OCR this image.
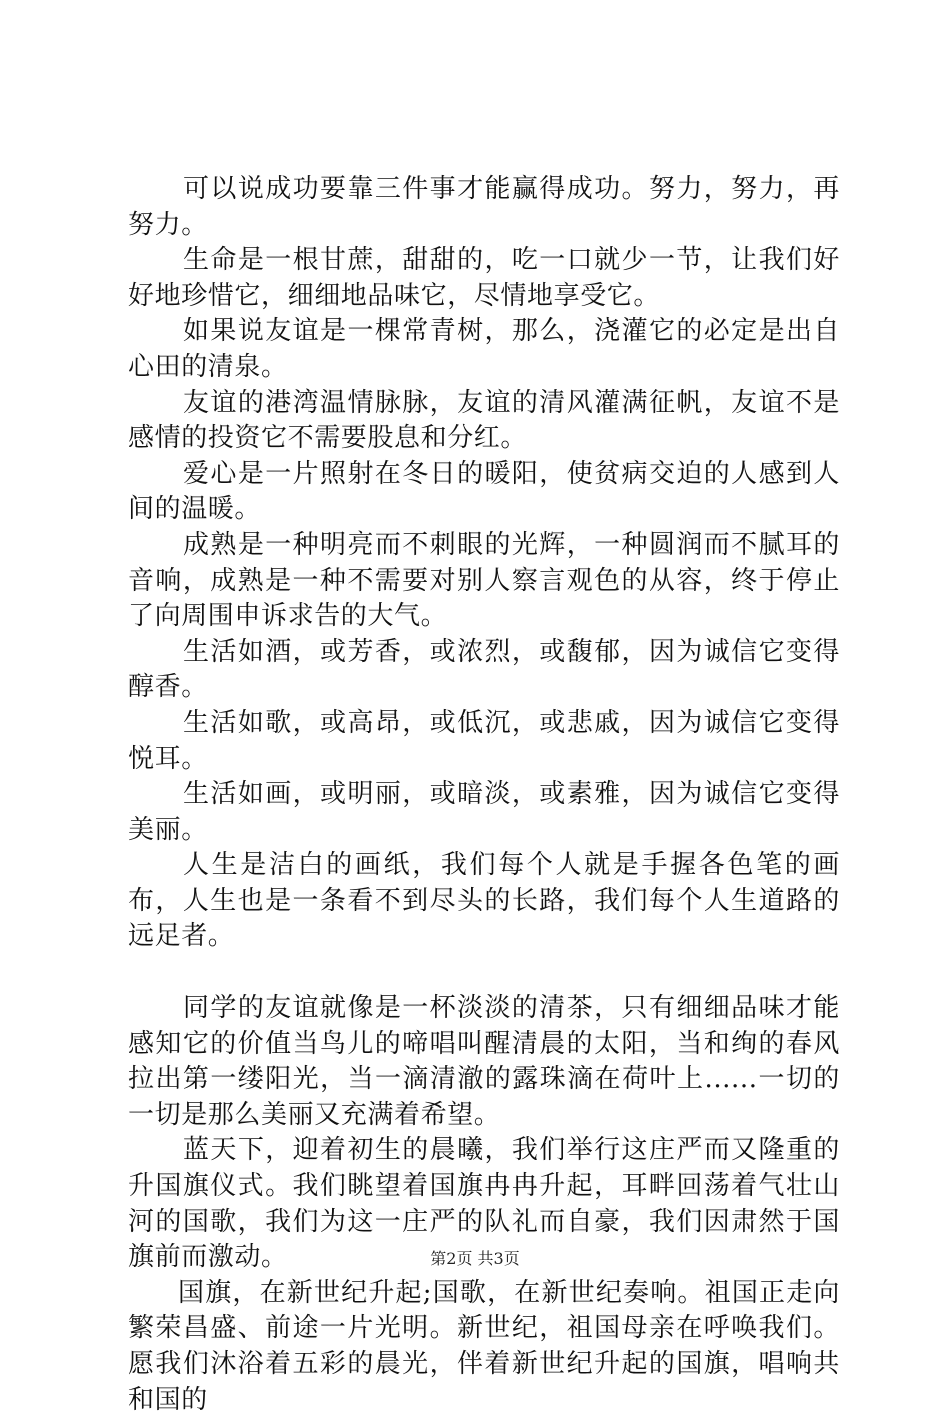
可以说成功要靠三件事才能赢得成功。努力，努力，再努力。

生命是一根甘蔗，甜甜的，吃一口就少一节，让我们好好地珍惜它，细细地品味它，尽情地享受它。

如果说友谊是一棵常青树，那么，浇灌它的必定是出自心田的清泉。

友谊的港湾温情脉脉，友谊的清风灌满征帆，友谊不是感情的投资它不需要股息和分红。

爱心是一片照射在冬日的暖阳，使贫病交迫的人感到人间的温暖。

成熟是一种明亮而不刺眼的光辉，一种圆润而不腻耳的音响，成熟是一种不需要对别人察言观色的从容，终于停止了向周围申诉求告的大气。

生活如酒，或芳香，或浓烈，或馥郁，因为诚信它变得醇香。

生活如歌，或高昂，或低沉，或悲戚，因为诚信它变得悦耳。

生活如画，或明丽，或暗淡，或素雅，因为诚信它变得美丽。

人生是洁白的画纸，我们每个人就是手握各色笔的画布，人生也是一条看不到尽头的长路，我们每个人生道路的远足者。

同学的友谊就像是一杯淡淡的清茶，只有细细品味才能感知它的价值当鸟儿的啼唱叫醒清晨的太阳，当和绚的春风拉出第一缕阳光，当一滴清澈的露珠滴在荷叶上......一切的一切是那么美丽又充满着希望。

蓝天下，迎着初生的晨曦，我们举行这庄严而又隆重的升国旗仪式。我们眺望着国旗冉冉升起，耳畔回荡着气壮山河的国歌，我们为这一庄严的队礼而自豪，我们因肃然于国旗前而激动。

国旗，在新世纪升起;国歌，在新世纪奏响。祖国正走向繁荣昌盛、前途一片光明。新世纪，祖国母亲在呼唤我们。愿我们沐浴着五彩的晨光，伴着新世纪升起的国旗，唱响共和国的

第2页 共3页
